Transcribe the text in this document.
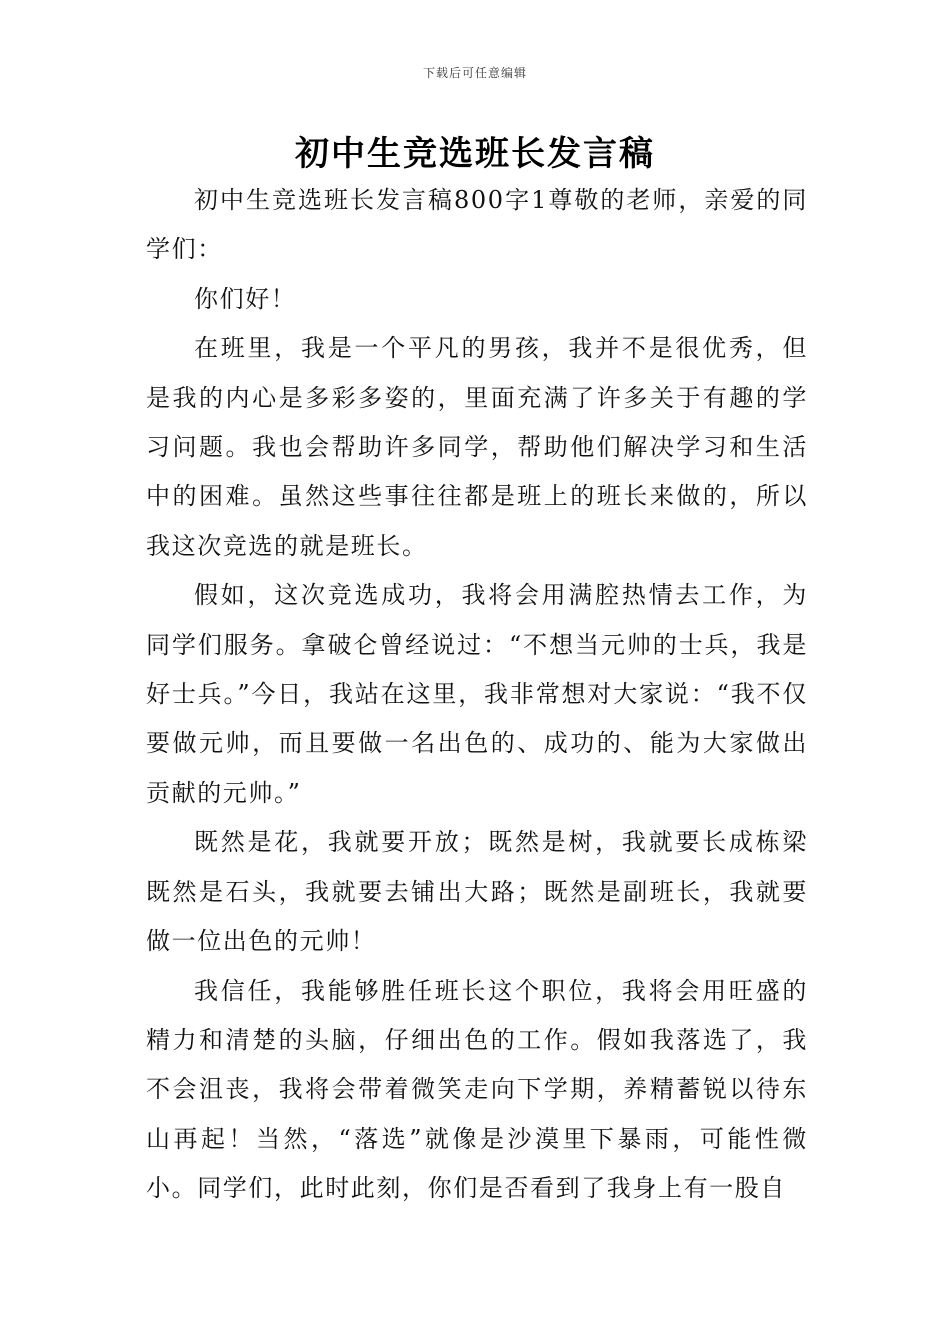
下载后可任意编辑
初中生竞选班长发言稿

初中生竞选班长发言稿800字1尊敬的老师，亲爱的同学们：

你们好！

在班里，我是一个平凡的男孩，我并不是很优秀，但是我的内心是多彩多姿的，里面充满了许多关于有趣的学习问题。我也会帮助许多同学，帮助他们解决学习和生活中的困难。虽然这些事往往都是班上的班长来做的，所以我这次竞选的就是班长。

假如，这次竞选成功，我将会用满腔热情去工作，为同学们服务。拿破仑曾经说过：“不想当元帅的士兵，我是好士兵。”今日，我站在这里，我非常想对大家说：“我不仅要做元帅，而且要做一名出色的、成功的、能为大家做出贡献的元帅。”

既然是花，我就要开放；既然是树，我就要长成栋梁既然是石头，我就要去铺出大路；既然是副班长，我就要做一位出色的元帅！

我信任，我能够胜任班长这个职位，我将会用旺盛的精力和清楚的头脑，仔细出色的工作。假如我落选了，我不会沮丧，我将会带着微笑走向下学期，养精蓄锐以待东山再起！当然，“落选”就像是沙漠里下暴雨，可能性微小。同学们，此时此刻，你们是否看到了我身上有一股自
